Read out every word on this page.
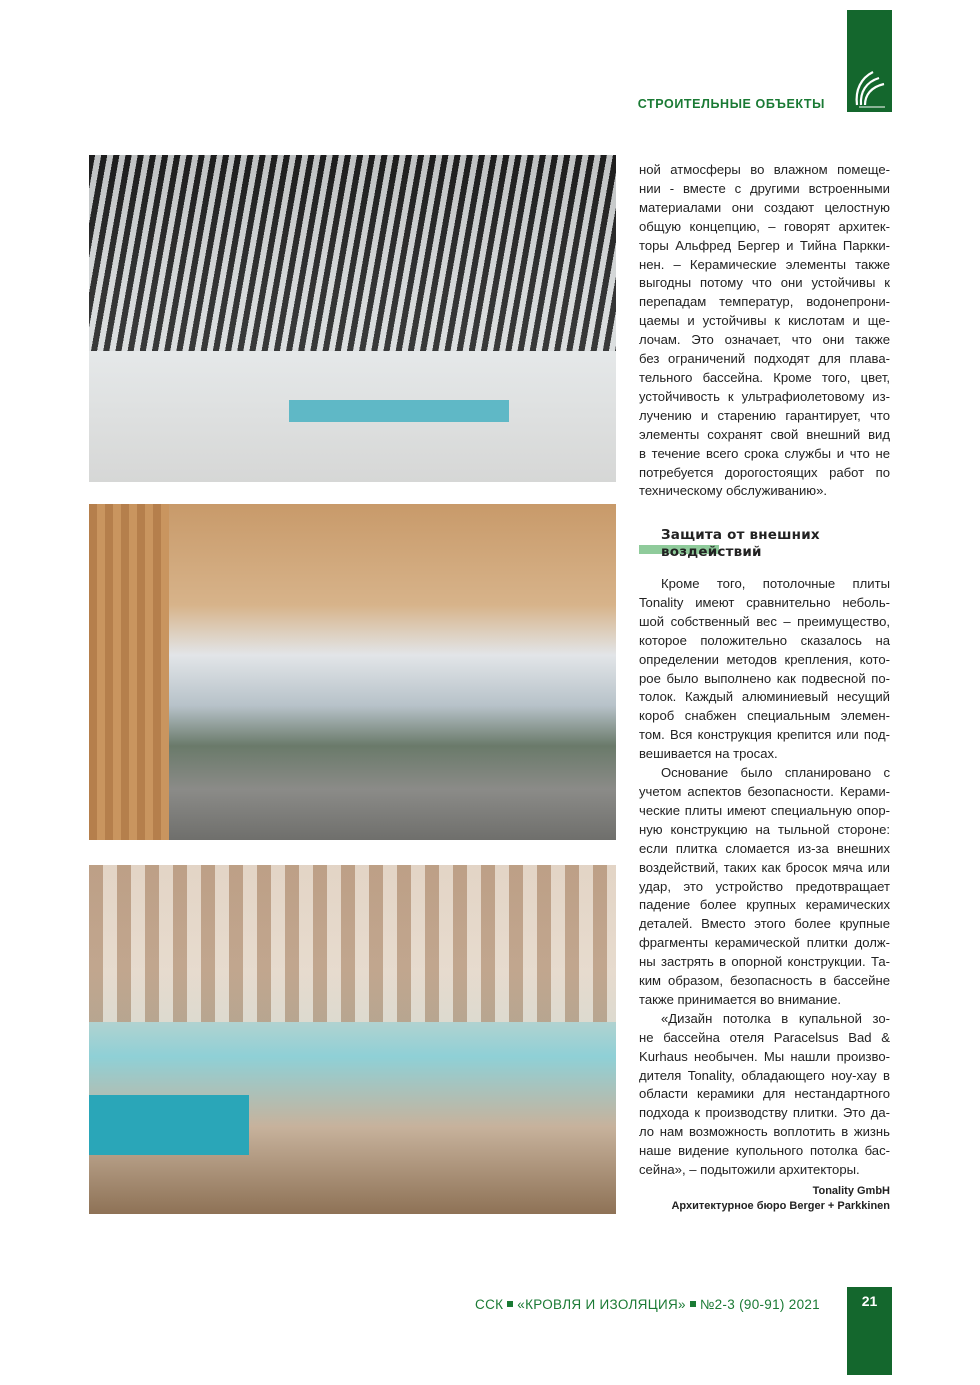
СТРОИТЕЛЬНЫЕ ОБЪЕКТЫ
ной атмосферы во влажном помеще-
нии - вместе с другими встроенными
материалами они создают целостную
общую концепцию, – говорят архитек-
торы Альфред Бергер и Тийна Паркки-
нен. – Керамические элементы также
выгодны потому что они устойчивы к
перепадам температур, водонепрони-
цаемы и устойчивы к кислотам и ще-
лочам. Это означает, что они также
без ограничений подходят для плава-
тельного бассейна. Кроме того, цвет,
устойчивость к ультрафиолетовому из-
лучению и старению гарантирует, что
элементы сохранят свой внешний вид
в течение всего срока службы и что не
потребуется дорогостоящих работ по
техническому обслуживанию».
Защита от внешних
воздействий
Кроме того, потолочные плиты
Tonality имеют сравнительно неболь-
шой собственный вес – преимущество,
которое положительно сказалось на
определении методов крепления, кото-
рое было выполнено как подвесной по-
толок. Каждый алюминиевый несущий
короб снабжен специальным элемен-
том. Вся конструкция крепится или под-
вешивается на тросах.
Основание было спланировано с
учетом аспектов безопасности. Керами-
ческие плиты имеют специальную опор-
ную конструкцию на тыльной стороне:
если плитка сломается из-за внешних
воздействий, таких как бросок мяча или
удар, это устройство предотвращает
падение более крупных керамических
деталей. Вместо этого более крупные
фрагменты керамической плитки долж-
ны застрять в опорной конструкции. Та-
ким образом, безопасность в бассейне
также принимается во внимание.
«Дизайн потолка в купальной зо-
не бассейна отеля Paracelsus Bad &
Kurhaus необычен. Мы нашли произво-
дителя Tonality, обладающего ноу-хау в
области керамики для нестандартного
подхода к производству плитки. Это да-
ло нам возможность воплотить в жизнь
наше видение купольного потолка бас-
сейна», – подытожили архитекторы.
Tonality GmbH
Архитектурное бюро Berger + Parkkinen
ССК «КРОВЛЯ И ИЗОЛЯЦИЯ» №2-3 (90-91) 2021	21
